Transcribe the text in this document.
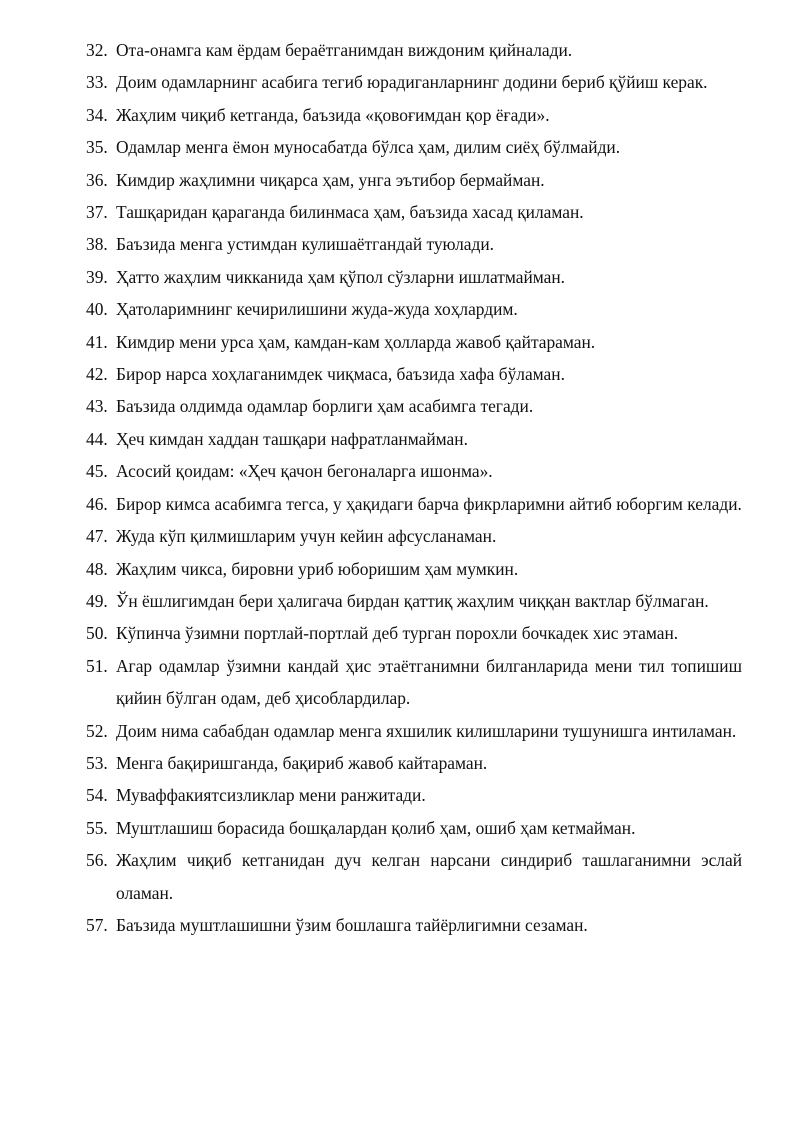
32. Ота-онамга кам ёрдам бераётганимдан виждоним қийналади.
33. Доим одамларнинг асабига тегиб юрадиганларнинг додини бериб қўйиш керак.
34. Жаҳлим чиқиб кетганда, баъзида «қовоғимдан қор ёғади».
35. Одамлар менга ёмон муносабатда бўлса ҳам, дилим сиёҳ бўлмайди.
36. Кимдир жаҳлимни чиқарса ҳам, унга эътибор бермайман.
37. Ташқаридан қараганда билинмаса ҳам, баъзида хасад қиламан.
38. Баъзида менга устимдан кулишаётгандай туюлади.
39. Ҳатто жаҳлим чикканида ҳам қўпол сўзларни ишлатмайман.
40. Ҳатоларимнинг кечирилишини жуда-жуда хоҳлардим.
41. Кимдир мени урса ҳам, камдан-кам ҳолларда жавоб қайтараман.
42. Бирор нарса хоҳлаганимдек чиқмаса, баъзида хафа бўламан.
43. Баъзида олдимда одамлар борлиги ҳам асабимга тегади.
44. Ҳеч кимдан хаддан ташқари нафратланмайман.
45. Асосий қоидам: «Ҳеч қачон бегоналарга ишонма».
46. Бирор кимса асабимга тегса, у ҳақидаги барча фикрларимни айтиб юборгим келади.
47. Жуда кўп қилмишларим учун кейин афсусланаман.
48. Жаҳлим чикса, бировни уриб юборишим ҳам мумкин.
49. Ўн ёшлигимдан бери ҳалигача бирдан қаттиқ жаҳлим чиққан вактлар бўлмаган.
50. Кўпинча ўзимни портлай-портлай деб турган порохли бочкадек хис этаман.
51. Агар одамлар ўзимни кандай ҳис этаётганимни билганларида мени тил топишиш қийин бўлган одам, деб ҳисоблардилар.
52. Доим нима сабабдан одамлар менга яхшилик килишларини тушунишга интиламан.
53. Менга бақиришганда, бақириб жавоб кайтараман.
54. Муваффакиятсизликлар мени ранжитади.
55. Муштлашиш борасида бошқалардан қолиб ҳам, ошиб ҳам кетмайман.
56. Жаҳлим чиқиб кетганидан дуч келган нарсани синдириб ташлаганимни эслай оламан.
57. Баъзида муштлашишни ўзим бошлашга тайёрлигимни сезаман.
